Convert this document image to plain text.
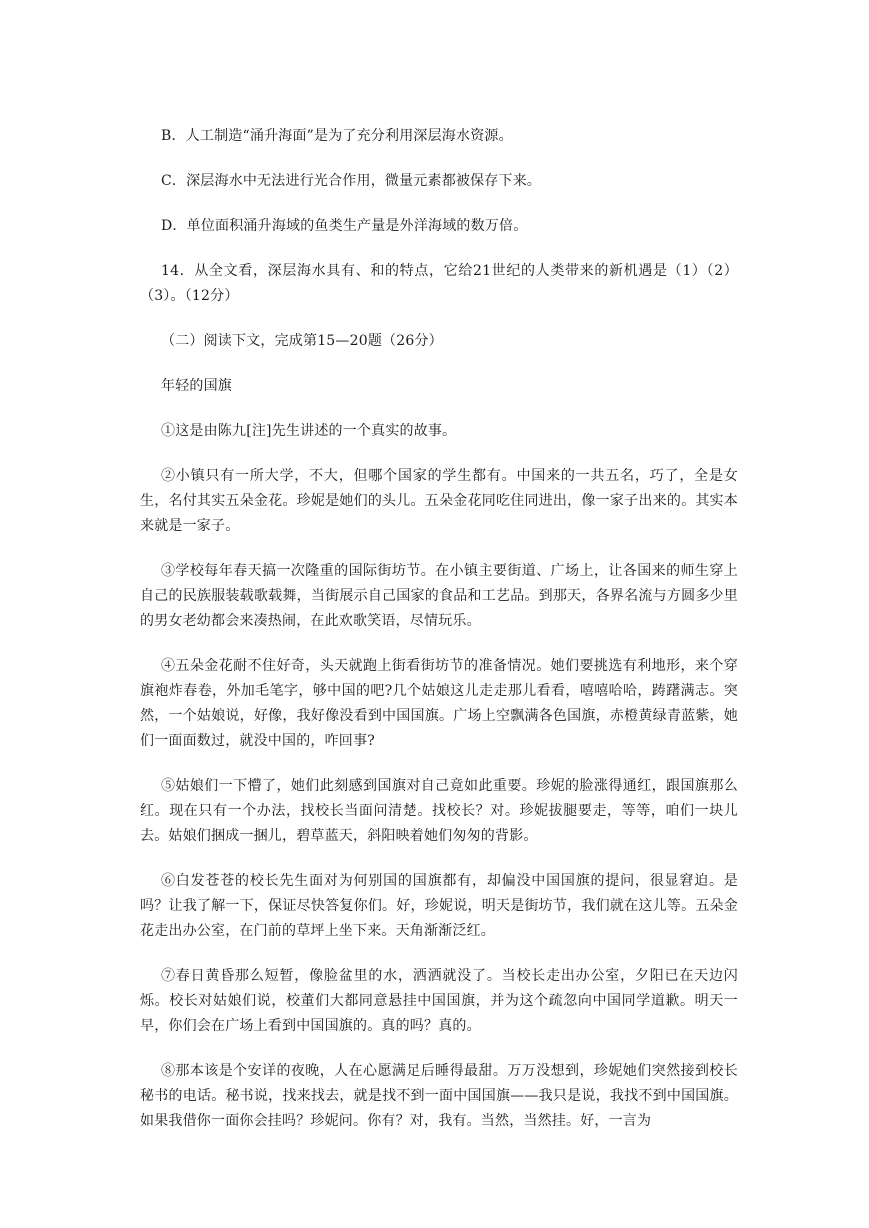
B．人工制造“涌升海面”是为了充分利用深层海水资源。

C．深层海水中无法进行光合作用，微量元素都被保存下来。

D．单位面积涌升海域的鱼类生产量是外洋海域的数万倍。

14．从全文看，深层海水具有、和的特点，它给21世纪的人类带来的新机遇是（1）（2）（3）。（12分）

（二）阅读下文，完成第15—20题（26分）

年轻的国旗

①这是由陈九[注]先生讲述的一个真实的故事。

②小镇只有一所大学，不大，但哪个国家的学生都有。中国来的一共五名，巧了，全是女生，名付其实五朵金花。珍妮是她们的头儿。五朵金花同吃住同进出，像一家子出来的。其实本来就是一家子。

③学校每年春天搞一次隆重的国际街坊节。在小镇主要街道、广场上，让各国来的师生穿上自己的民族服装载歌载舞，当街展示自己国家的食品和工艺品。到那天，各界名流与方圆多少里的男女老幼都会来凑热闹，在此欢歌笑语，尽情玩乐。

④五朵金花耐不住好奇，头天就跑上街看街坊节的准备情况。她们要挑选有利地形，来个穿旗袍炸春卷，外加毛笔字，够中国的吧?几个姑娘这儿走走那儿看看，嘻嘻哈哈，踌躇满志。突然，一个姑娘说，好像，我好像没看到中国国旗。广场上空飘满各色国旗，赤橙黄绿青蓝紫，她们一面面数过，就没中国的，咋回事?

⑤姑娘们一下懵了，她们此刻感到国旗对自己竟如此重要。珍妮的脸涨得通红，跟国旗那么红。现在只有一个办法，找校长当面问清楚。找校长？对。珍妮拔腿要走，等等，咱们一块儿去。姑娘们捆成一捆儿，碧草蓝天，斜阳映着她们匆匆的背影。

⑥白发苍苍的校长先生面对为何别国的国旗都有，却偏没中国国旗的提问，很显窘迫。是吗？让我了解一下，保证尽快答复你们。好，珍妮说，明天是街坊节，我们就在这儿等。五朵金花走出办公室，在门前的草坪上坐下来。天角渐渐泛红。

⑦春日黄昏那么短暂，像脸盆里的水，洒洒就没了。当校长走出办公室，夕阳已在天边闪烁。校长对姑娘们说，校董们大都同意悬挂中国国旗，并为这个疏忽向中国同学道歉。明天一早，你们会在广场上看到中国国旗的。真的吗？真的。

⑧那本该是个安详的夜晚，人在心愿满足后睡得最甜。万万没想到，珍妮她们突然接到校长秘书的电话。秘书说，找来找去，就是找不到一面中国国旗——我只是说，我找不到中国国旗。如果我借你一面你会挂吗？珍妮问。你有？对，我有。当然，当然挂。好，一言为
